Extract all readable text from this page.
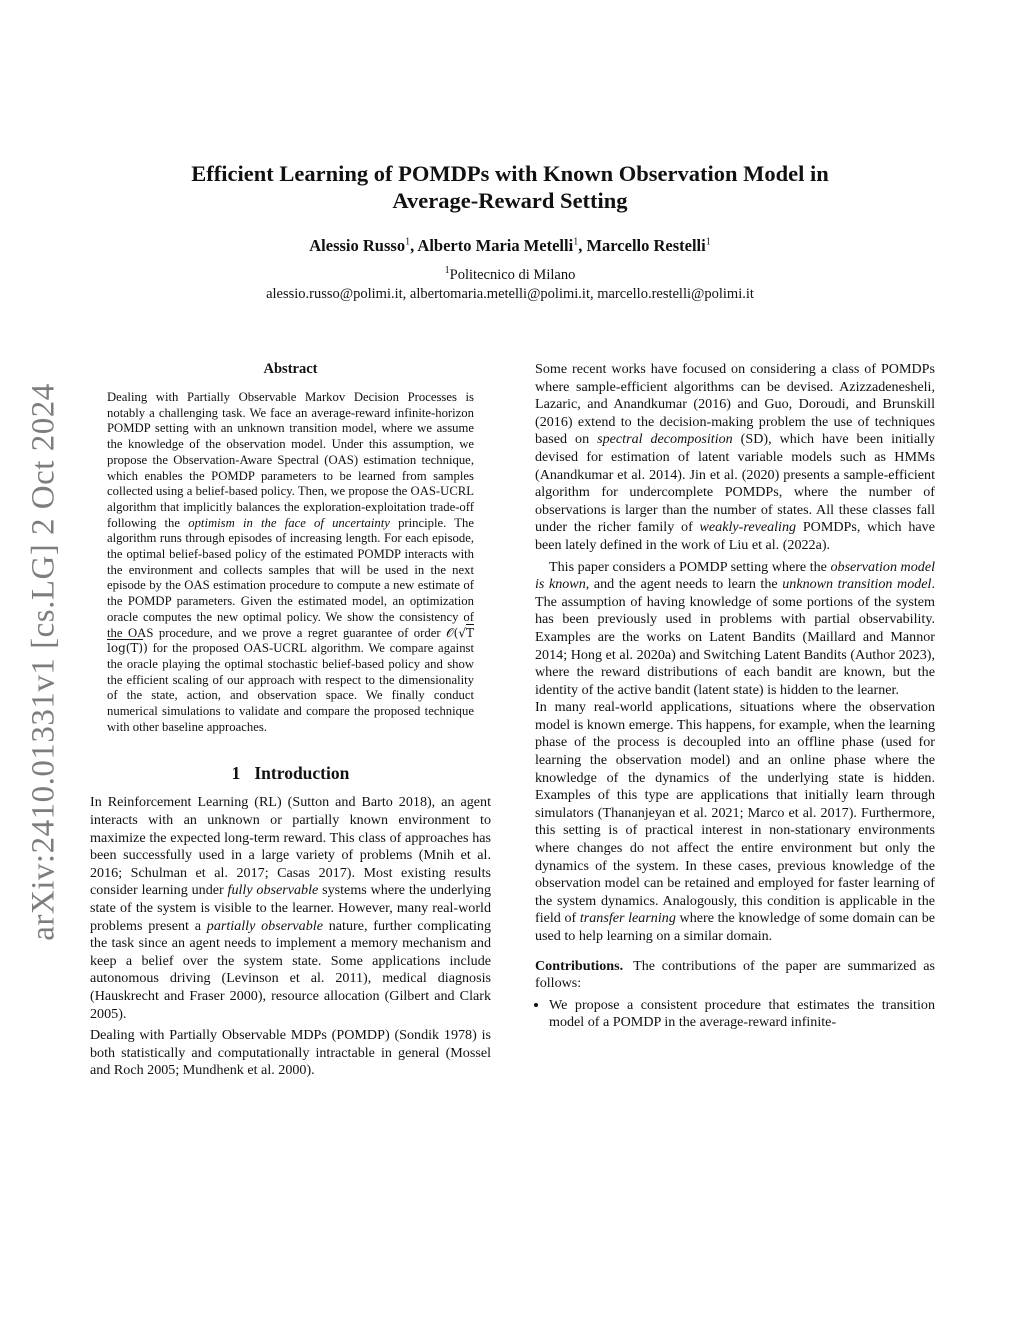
arXiv:2410.01331v1 [cs.LG] 2 Oct 2024
Efficient Learning of POMDPs with Known Observation Model in
Average-Reward Setting

Alessio Russo$^1$, Alberto Maria Metelli$^1$, Marcello Restelli$^1$

$^1$Politecnico di Milano
alessio.russo@polimi.it, albertomaria.metelli@polimi.it, marcello.restelli@polimi.it

Abstract

Dealing with Partially Observable Markov Decision Processes is notably a challenging task. We face an average-reward infinite-horizon POMDP setting with an unknown transition model, where we assume the knowledge of the observation model. Under this assumption, we propose the Observation-Aware Spectral (OAS) estimation technique, which enables the POMDP parameters to be learned from samples collected using a belief-based policy. Then, we propose the OAS-UCRL algorithm that implicitly balances the exploration-exploitation trade-off following the optimism in the face of uncertainty principle. The algorithm runs through episodes of increasing length. For each episode, the optimal belief-based policy of the estimated POMDP interacts with the environment and collects samples that will be used in the next episode by the OAS estimation procedure to compute a new estimate of the POMDP parameters. Given the estimated model, an optimization oracle computes the new optimal policy. We show the consistency of the OAS procedure, and we prove a regret guarantee of order 𝒪(√T log(T)) for the proposed OAS-UCRL algorithm. We compare against the oracle playing the optimal stochastic belief-based policy and show the efficient scaling of our approach with respect to the dimensionality of the state, action, and observation space. We finally conduct numerical simulations to validate and compare the proposed technique with other baseline approaches.

1 Introduction

In Reinforcement Learning (RL) (Sutton and Barto 2018), an agent interacts with an unknown or partially known environment to maximize the expected long-term reward. This class of approaches has been successfully used in a large variety of problems (Mnih et al. 2016; Schulman et al. 2017; Casas 2017). Most existing results consider learning under fully observable systems where the underlying state of the system is visible to the learner. However, many real-world problems present a partially observable nature, further complicating the task since an agent needs to implement a memory mechanism and keep a belief over the system state. Some applications include autonomous driving (Levinson et al. 2011), medical diagnosis (Hauskrecht and Fraser 2000), resource allocation (Gilbert and Clark 2005).

Dealing with Partially Observable MDPs (POMDP) (Sondik 1978) is both statistically and computationally intractable in general (Mossel and Roch 2005; Mundhenk et al. 2000).

Some recent works have focused on considering a class of POMDPs where sample-efficient algorithms can be devised. Azizzadenesheli, Lazaric, and Anandkumar (2016) and Guo, Doroudi, and Brunskill (2016) extend to the decision-making problem the use of techniques based on spectral decomposition (SD), which have been initially devised for estimation of latent variable models such as HMMs (Anandkumar et al. 2014). Jin et al. (2020) presents a sample-efficient algorithm for undercomplete POMDPs, where the number of observations is larger than the number of states. All these classes fall under the richer family of weakly-revealing POMDPs, which have been lately defined in the work of Liu et al. (2022a).

This paper considers a POMDP setting where the observation model is known, and the agent needs to learn the unknown transition model. The assumption of having knowledge of some portions of the system has been previously used in problems with partial observability. Examples are the works on Latent Bandits (Maillard and Mannor 2014; Hong et al. 2020a) and Switching Latent Bandits (Author 2023), where the reward distributions of each bandit are known, but the identity of the active bandit (latent state) is hidden to the learner.

In many real-world applications, situations where the observation model is known emerge. This happens, for example, when the learning phase of the process is decoupled into an offline phase (used for learning the observation model) and an online phase where the knowledge of the dynamics of the underlying state is hidden. Examples of this type are applications that initially learn through simulators (Thananjeyan et al. 2021; Marco et al. 2017). Furthermore, this setting is of practical interest in non-stationary environments where changes do not affect the entire environment but only the dynamics of the system. In these cases, previous knowledge of the observation model can be retained and employed for faster learning of the system dynamics. Analogously, this condition is applicable in the field of transfer learning where the knowledge of some domain can be used to help learning on a similar domain.

Contributions. The contributions of the paper are summarized as follows:

• We propose a consistent procedure that estimates the transition model of a POMDP in the average-reward infinite-
